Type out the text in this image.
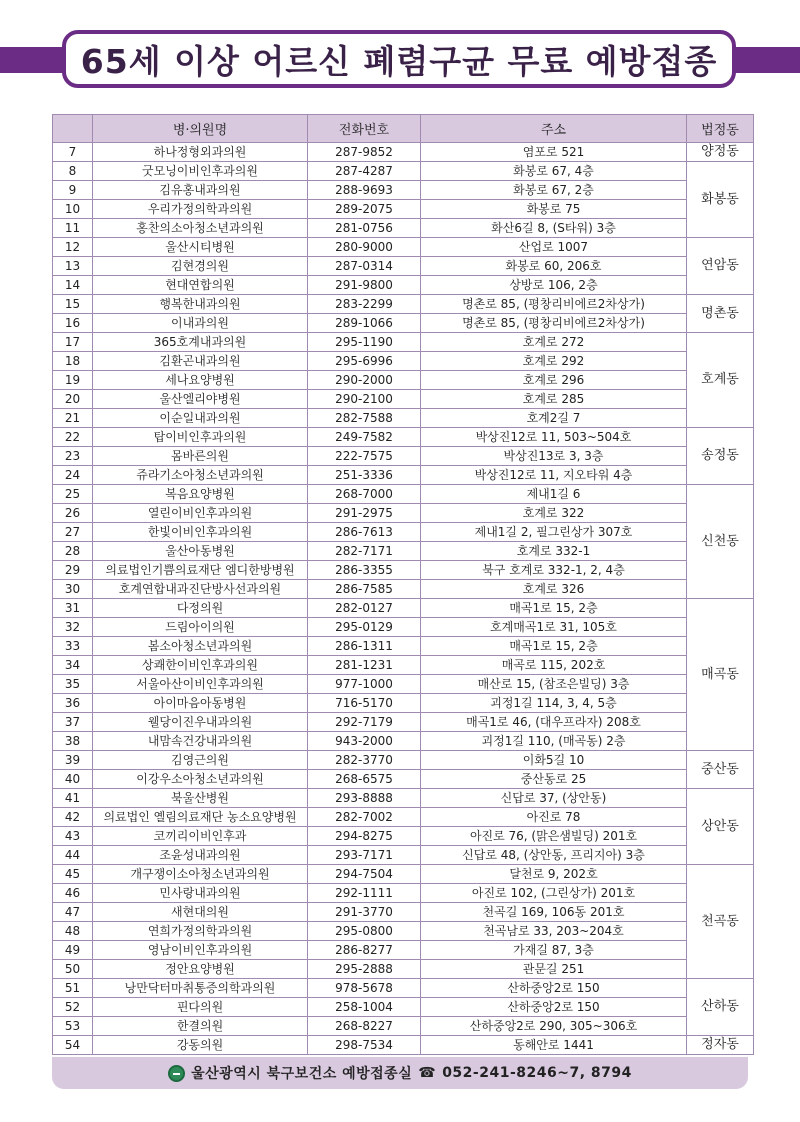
65세 이상 어르신 폐렴구균 무료 예방접종
	병·의원명	전화번호	주소	법정동
7	하나정형외과의원	287-9852	염포로 521	양정동
8	굿모닝이비인후과의원	287-4287	화봉로 67, 4층	화봉동
9	김유홍내과의원	288-9693	화봉로 67, 2층	
10	우리가정의학과의원	289-2075	화봉로 75	
11	홍찬의소아청소년과의원	281-0756	화산6길 8, (S타워) 3층	
12	울산시티병원	280-9000	산업로 1007	연암동
13	김현경의원	287-0314	화봉로 60, 206호	
14	현대연합의원	291-9800	상방로 106, 2층	
15	행복한내과의원	283-2299	명촌로 85, (평창리비에르2차상가)	명촌동
16	이내과의원	289-1066	명촌로 85, (평창리비에르2차상가)	
17	365호계내과의원	295-1190	호계로 272	호계동
18	김환곤내과의원	295-6996	호계로 292	
19	세나요양병원	290-2000	호계로 296	
20	울산엘리야병원	290-2100	호계로 285	
21	이순일내과의원	282-7588	호계2길 7	
22	탑이비인후과의원	249-7582	박상진12로 11, 503~504호	송정동
23	몸바른의원	222-7575	박상진13로 3, 3층	
24	쥬라기소아청소년과의원	251-3336	박상진12로 11, 지오타워 4층	
25	복음요양병원	268-7000	제내1길 6	신천동
26	열린이비인후과의원	291-2975	호계로 322	
27	한빛이비인후과의원	286-7613	제내1길 2, 필그린상가 307호	
28	울산아동병원	282-7171	호계로 332-1	
29	의료법인기쁨의료재단 엠디한방병원	286-3355	북구 호계로 332-1, 2, 4층	
30	호계연합내과진단방사선과의원	286-7585	호계로 326	
31	다정의원	282-0127	매곡1로 15, 2층	매곡동
32	드림아이의원	295-0129	호계매곡1로 31, 105호	
33	봄소아청소년과의원	286-1311	매곡1로 15, 2층	
34	상쾌한이비인후과의원	281-1231	매곡로 115, 202호	
35	서울아산이비인후과의원	977-1000	매산로 15, (참조은빌딩) 3층	
36	아이마음아동병원	716-5170	괴정1길 114, 3, 4, 5층	
37	웰당이진우내과의원	292-7179	매곡1로 46, (대우프라자) 208호	
38	내맘속건강내과의원	943-2000	괴정1길 110, (매곡동) 2층	
39	김영근의원	282-3770	이화5길 10	중산동
40	이강우소아청소년과의원	268-6575	중산동로 25	
41	북울산병원	293-8888	신답로 37, (상안동)	상안동
42	의료법인 옐림의료재단 농소요양병원	282-7002	아진로 78	
43	코끼리이비인후과	294-8275	아진로 76, (맑은샘빌딩) 201호	
44	조윤성내과의원	293-7171	신답로 48, (상안동, 프리지아) 3층	
45	개구쟁이소아청소년과의원	294-7504	달천로 9, 202호	천곡동
46	민사랑내과의원	292-1111	아진로 102, (그린상가) 201호	
47	새현대의원	291-3770	천곡길 169, 106동 201호	
48	연희가정의학과의원	295-0800	천곡남로 33, 203~204호	
49	영남이비인후과의원	286-8277	가재길 87, 3층	
50	정안요양병원	295-2888	관문길 251	
51	낭만닥터마취통증의학과의원	978-5678	산하중앙2로 150	산하동
52	핀다의원	258-1004	산하중앙2로 150	
53	한결의원	268-8227	산하중앙2로 290, 305~306호	
54	강동의원	298-7534	동해안로 1441	정자동
울산광역시 북구보건소 예방접종실 ☎ 052-241-8246~7, 8794
